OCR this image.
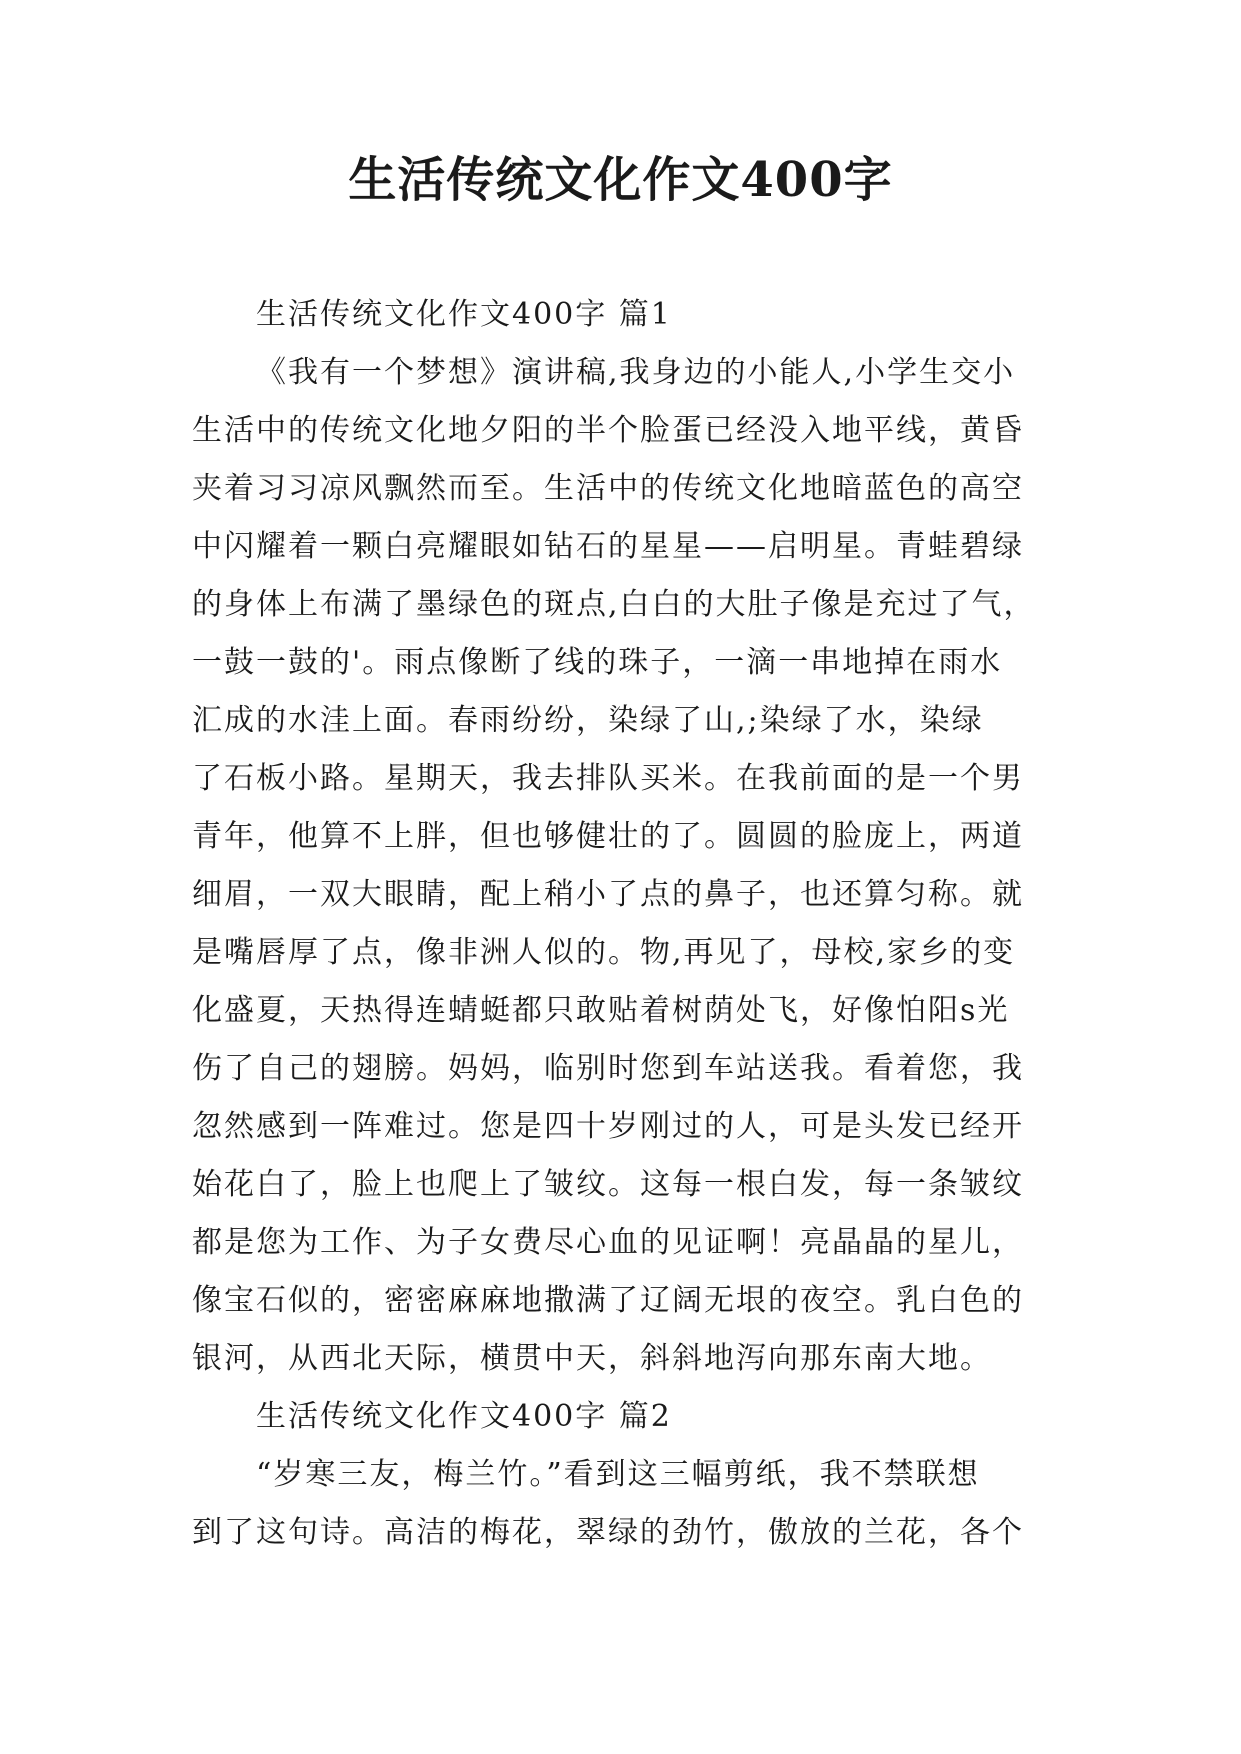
生活传统文化作文400字
生活传统文化作文400字 篇1
《我有一个梦想》演讲稿,我身边的小能人,小学生交小
生活中的传统文化地夕阳的半个脸蛋已经没入地平线，黄昏
夹着习习凉风飘然而至。生活中的传统文化地暗蓝色的高空
中闪耀着一颗白亮耀眼如钻石的星星——启明星。青蛙碧绿
的身体上布满了墨绿色的斑点,白白的大肚子像是充过了气，
一鼓一鼓的'。雨点像断了线的珠子，一滴一串地掉在雨水
汇成的水洼上面。春雨纷纷，染绿了山,;染绿了水，染绿
了石板小路。星期天，我去排队买米。在我前面的是一个男
青年，他算不上胖，但也够健壮的了。圆圆的脸庞上，两道
细眉，一双大眼睛，配上稍小了点的鼻子，也还算匀称。就
是嘴唇厚了点，像非洲人似的。物,再见了，母校,家乡的变
化盛夏，天热得连蜻蜓都只敢贴着树荫处飞，好像怕阳s光
伤了自己的翅膀。妈妈，临别时您到车站送我。看着您，我
忽然感到一阵难过。您是四十岁刚过的人，可是头发已经开
始花白了，脸上也爬上了皱纹。这每一根白发，每一条皱纹
都是您为工作、为子女费尽心血的见证啊！亮晶晶的星儿，
像宝石似的，密密麻麻地撒满了辽阔无垠的夜空。乳白色的
银河，从西北天际，横贯中天，斜斜地泻向那东南大地。
生活传统文化作文400字 篇2
“岁寒三友，梅兰竹。”看到这三幅剪纸，我不禁联想
到了这句诗。高洁的梅花，翠绿的劲竹，傲放的兰花，各个
